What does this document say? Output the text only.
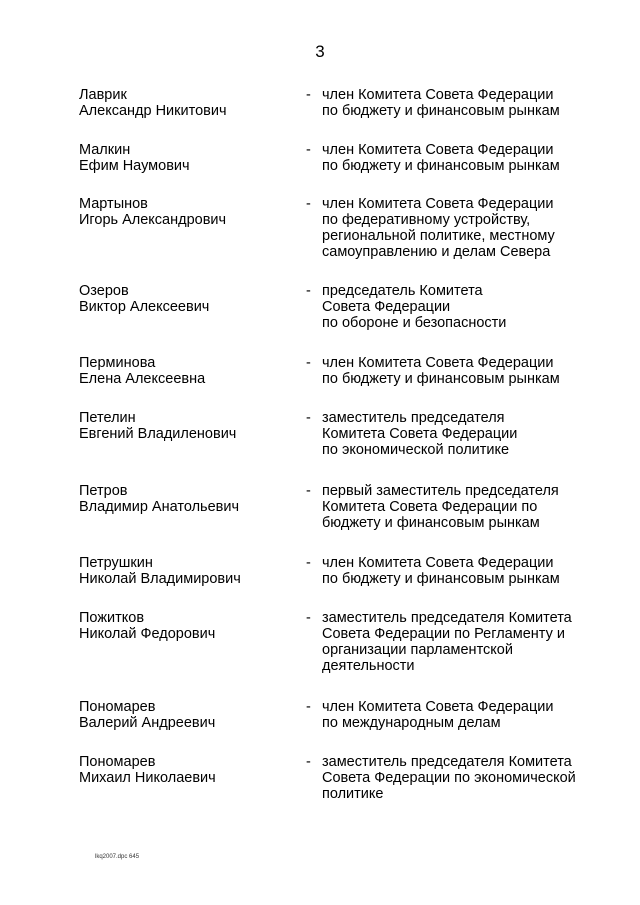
3
Лаврик
Александр Никитович
- член Комитета Совета Федерации
по бюджету и финансовым рынкам
Малкин
Ефим Наумович
- член Комитета Совета Федерации
по бюджету и финансовым рынкам
Мартынов
Игорь Александрович
- член Комитета Совета Федерации
по федеративному устройству,
региональной политике, местному
самоуправлению и делам Севера
Озеров
Виктор Алексеевич
- председатель Комитета
Совета Федерации
по обороне и безопасности
Перминова
Елена Алексеевна
- член Комитета Совета Федерации
по бюджету и финансовым рынкам
Петелин
Евгений Владиленович
- заместитель председателя
Комитета Совета Федерации
по экономической политике
Петров
Владимир Анатольевич
- первый заместитель председателя
Комитета Совета Федерации по
бюджету и финансовым рынкам
Петрушкин
Николай Владимирович
- член Комитета Совета Федерации
по бюджету и финансовым рынкам
Пожитков
Николай Федорович
- заместитель председателя Комитета
Совета Федерации по Регламенту и
организации парламентской
деятельности
Пономарев
Валерий Андреевич
- член Комитета Совета Федерации
по международным делам
Пономарев
Михаил Николаевич
- заместитель председателя Комитета
Совета Федерации по экономической
политике
lkq2007.dpc 645
